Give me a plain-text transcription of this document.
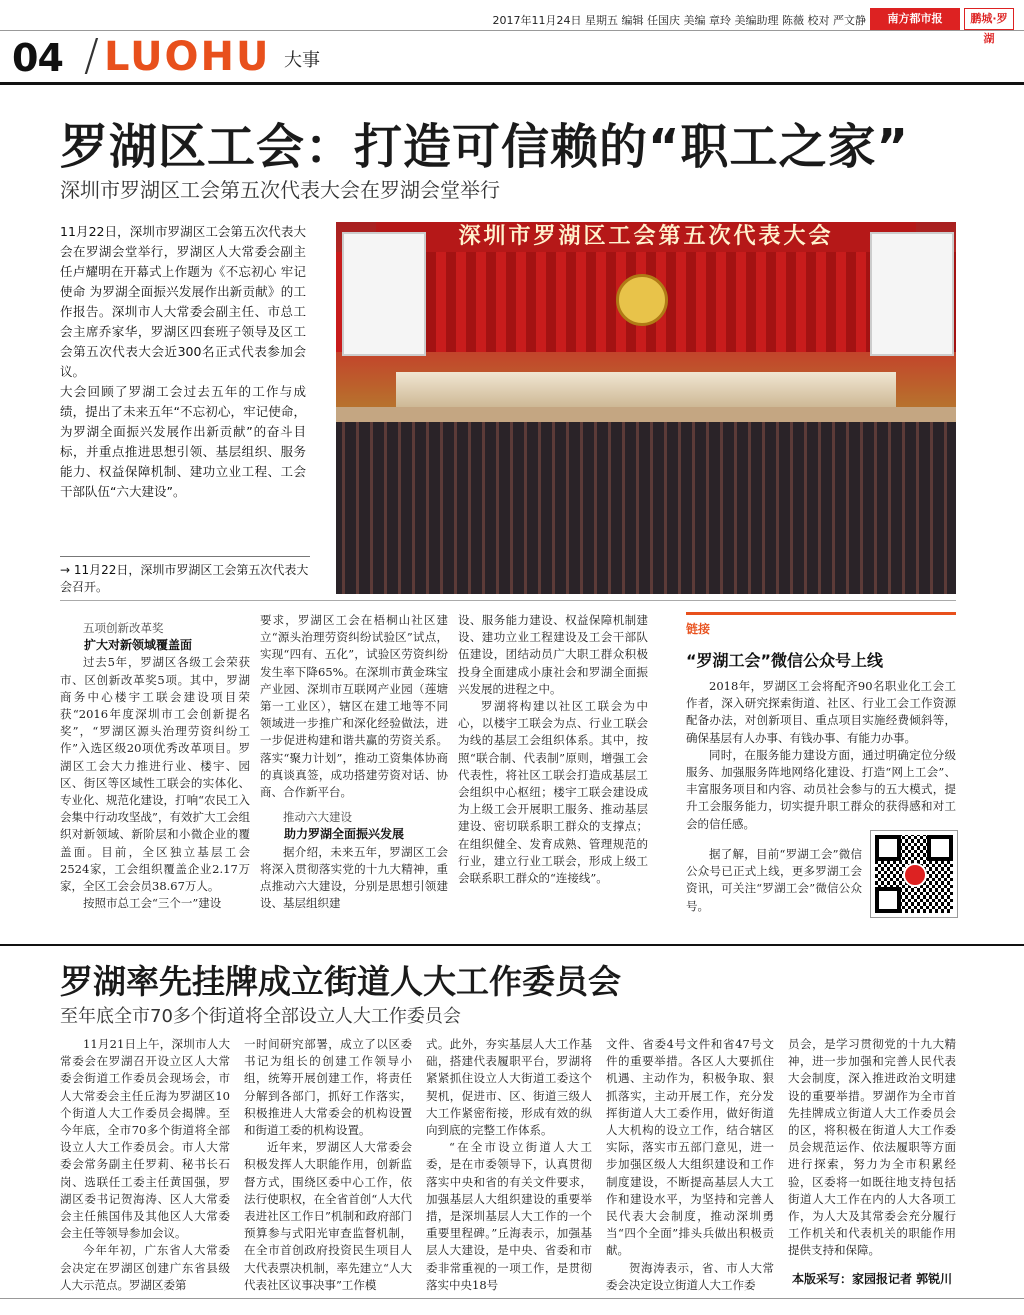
2017年11月24日 星期五 编辑 任国庆 美编 章玲 美编助理 陈薇 校对 严文静	南方都市报	鹏城·罗湖
04 / LUOHU 大事
罗湖区工会：打造可信赖的“职工之家”
深圳市罗湖区工会第五次代表大会在罗湖会堂举行

11月22日，深圳市罗湖区工会第五次代表大会在罗湖会堂举行，罗湖区人大常委会副主任卢耀明在开幕式上作题为《不忘初心 牢记使命 为罗湖全面振兴发展作出新贡献》的工作报告。深圳市人大常委会副主任、市总工会主席乔家华，罗湖区四套班子领导及区工会第五次代表大会近300名正式代表参加会议。

大会回顾了罗湖工会过去五年的工作与成绩，提出了未来五年“不忘初心，牢记使命，为罗湖全面振兴发展作出新贡献”的奋斗目标，并重点推进思想引领、基层组织、服务能力、权益保障机制、建功立业工程、工会干部队伍“六大建设”。

深圳市罗湖区工会第五次代表大会
→ 11月22日，深圳市罗湖区工会第五次代表大会召开。

五项创新改革奖

扩大对新领域覆盖面

过去5年，罗湖区各级工会荣获市、区创新改革奖5项。其中，罗湖商务中心楼宇工联会建设项目荣获“2016年度深圳市工会创新提名奖”，“罗湖区源头治理劳资纠纷工作”入选区级20项优秀改革项目。罗湖区工会大力推进行业、楼宇、园区、街区等区域性工联会的实体化、专业化、规范化建设，打响“农民工入会集中行动攻坚战”，有效扩大工会组织对新领域、新阶层和小微企业的覆盖面。目前，全区独立基层工会2524家，工会组织覆盖企业2.17万家，全区工会会员38.67万人。

按照市总工会“三个一”建设

要求，罗湖区工会在梧桐山社区建立“源头治理劳资纠纷试验区”试点，实现“四有、五化”，试验区劳资纠纷发生率下降65%。在深圳市黄金珠宝产业园、深圳市互联网产业园（莲塘第一工业区），辖区在建工地等不同领域进一步推广和深化经验做法，进一步促进构建和谐共赢的劳资关系。落实“聚力计划”，推动工资集体协商的真谈真签，成功搭建劳资对话、协商、合作新平台。

推动六大建设

助力罗湖全面振兴发展

据介绍，未来五年，罗湖区工会将深入贯彻落实党的十九大精神，重点推动六大建设，分别是思想引领建设、基层组织建

设、服务能力建设、权益保障机制建设、建功立业工程建设及工会干部队伍建设，团结动员广大职工群众积极投身全面建成小康社会和罗湖全面振兴发展的进程之中。

罗湖将构建以社区工联会为中心，以楼宇工联会为点、行业工联会为线的基层工会组织体系。其中，按照“联合制、代表制”原则，增强工会代表性，将社区工联会打造成基层工会组织中心枢纽；楼宇工联会建设成为上级工会开展职工服务、推动基层建设、密切联系职工群众的支撑点；在组织健全、发育成熟、管理规范的行业，建立行业工联会，形成上级工会联系职工群众的“连接线”。

链接
“罗湖工会”微信公众号上线

2018年，罗湖区工会将配齐90名职业化工会工作者，深入研究探索街道、社区、行业工会工作资源配备办法，对创新项目、重点项目实施经费倾斜等，确保基层有人办事、有钱办事、有能力办事。

同时，在服务能力建设方面，通过明确定位分级服务、加强服务阵地网络化建设、打造“网上工会”、丰富服务项目和内容、动员社会参与的五大模式，提升工会服务能力，切实提升职工群众的获得感和对工会的信任感。

据了解，目前“罗湖工会”微信公众号已正式上线，更多罗湖工会资讯，可关注“罗湖工会”微信公众号。

罗湖率先挂牌成立街道人大工作委员会
至年底全市70多个街道将全部设立人大工作委员会

11月21日上午，深圳市人大常委会在罗湖召开设立区人大常委会街道工作委员会现场会，市人大常委会主任丘海为罗湖区10个街道人大工作委员会揭牌。至今年底，全市70多个街道将全部设立人大工作委员会。市人大常委会常务副主任罗莉、秘书长石岗、选联任工委主任黄国强，罗湖区委书记贺海涛、区人大常委会主任熊国伟及其他区人大常委会主任等领导参加会议。

今年年初，广东省人大常委会决定在罗湖区创建广东省县级人大示范点。罗湖区委第

一时间研究部署，成立了以区委书记为组长的创建工作领导小组，统筹开展创建工作，将责任分解到各部门，抓好工作落实，积极推进人大常委会的机构设置和街道工委的机构设置。

近年来，罗湖区人大常委会积极发挥人大职能作用，创新监督方式，围绕区委中心工作，依法行使职权，在全省首创“人大代表进社区工作日”机制和政府部门预算参与式阳光审查监督机制，在全市首创政府投资民生项目人大代表票决机制，率先建立“人大代表社区议事决事”工作模

式。此外，夯实基层人大工作基础，搭建代表履职平台，罗湖将紧紧抓住设立人大街道工委这个契机，促进市、区、街道三级人大工作紧密衔接，形成有效的纵向到底的完整工作体系。

“在全市设立街道人大工委，是在市委领导下，认真贯彻落实中央和省的有关文件要求，加强基层人大组织建设的重要举措，是深圳基层人大工作的一个重要里程碑。”丘海表示，加强基层人大建设，是中央、省委和市委非常重视的一项工作，是贯彻落实中央18号

文件、省委4号文件和省47号文件的重要举措。各区人大要抓住机遇、主动作为，积极争取、狠抓落实，主动开展工作，充分发挥街道人大工委作用，做好街道人大机构的设立工作，结合辖区实际，落实市五部门意见，进一步加强区级人大组织建设和工作制度建设，不断提高基层人大工作和建设水平，为坚持和完善人民代表大会制度，推动深圳勇当“四个全面”排头兵做出积极贡献。

贺海涛表示，省、市人大常委会决定设立街道人大工作委

员会，是学习贯彻党的十九大精神，进一步加强和完善人民代表大会制度，深入推进政治文明建设的重要举措。罗湖作为全市首先挂牌成立街道人大工作委员会的区，将积极在街道人大工作委员会规范运作、依法履职等方面进行探索，努力为全市积累经验，区委将一如既往地支持包括街道人大工作在内的人大各项工作，为人大及其常委会充分履行工作机关和代表机关的职能作用提供支持和保障。

本版采写：家园报记者 郭锐川
